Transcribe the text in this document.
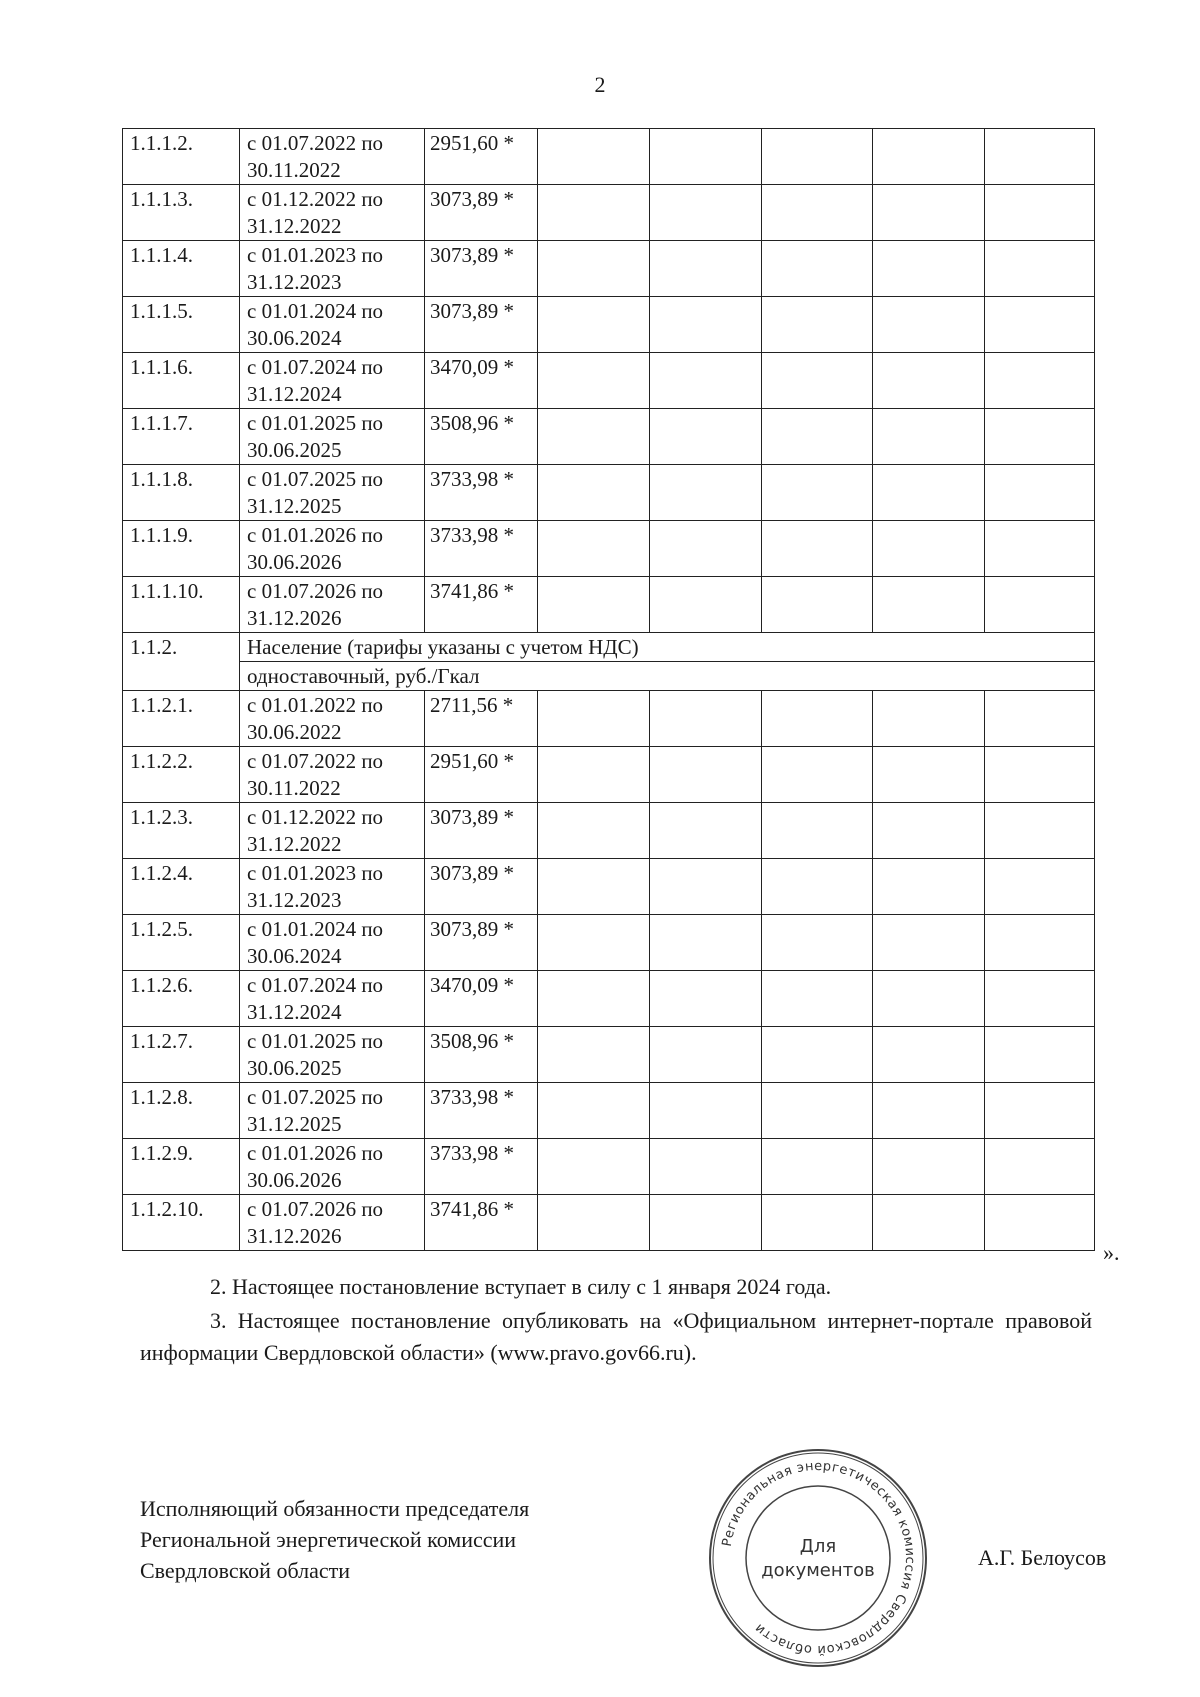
2
1.1.1.2.	с 01.07.2022 по 30.11.2022	2951,60 *					
1.1.1.3.	с 01.12.2022 по 31.12.2022	3073,89 *					
1.1.1.4.	с 01.01.2023 по 31.12.2023	3073,89 *					
1.1.1.5.	с 01.01.2024 по 30.06.2024	3073,89 *					
1.1.1.6.	с 01.07.2024 по 31.12.2024	3470,09 *					
1.1.1.7.	с 01.01.2025 по 30.06.2025	3508,96 *					
1.1.1.8.	с 01.07.2025 по 31.12.2025	3733,98 *					
1.1.1.9.	с 01.01.2026 по 30.06.2026	3733,98 *					
1.1.1.10.	с 01.07.2026 по 31.12.2026	3741,86 *					
1.1.2.	Население (тарифы указаны с учетом НДС)						
	одноставочный, руб./Гкал						
1.1.2.1.	с 01.01.2022 по 30.06.2022	2711,56 *					
1.1.2.2.	с 01.07.2022 по 30.11.2022	2951,60 *					
1.1.2.3.	с 01.12.2022 по 31.12.2022	3073,89 *					
1.1.2.4.	с 01.01.2023 по 31.12.2023	3073,89 *					
1.1.2.5.	с 01.01.2024 по 30.06.2024	3073,89 *					
1.1.2.6.	с 01.07.2024 по 31.12.2024	3470,09 *					
1.1.2.7.	с 01.01.2025 по 30.06.2025	3508,96 *					
1.1.2.8.	с 01.07.2025 по 31.12.2025	3733,98 *					
1.1.2.9.	с 01.01.2026 по 30.06.2026	3733,98 *					
1.1.2.10.	с 01.07.2026 по 31.12.2026	3741,86 *					
».
2. Настоящее постановление вступает в силу с 1 января 2024 года.
3. Настоящее постановление опубликовать на «Официальном интернет-портале правовой информации Свердловской области» (www.pravo.gov66.ru).
Исполняющий обязанности председателя
Региональной энергетической комиссии
Свердловской области
Региональная энергетическая комиссия Свердловской области
Для
документов
А.Г. Белоусов
